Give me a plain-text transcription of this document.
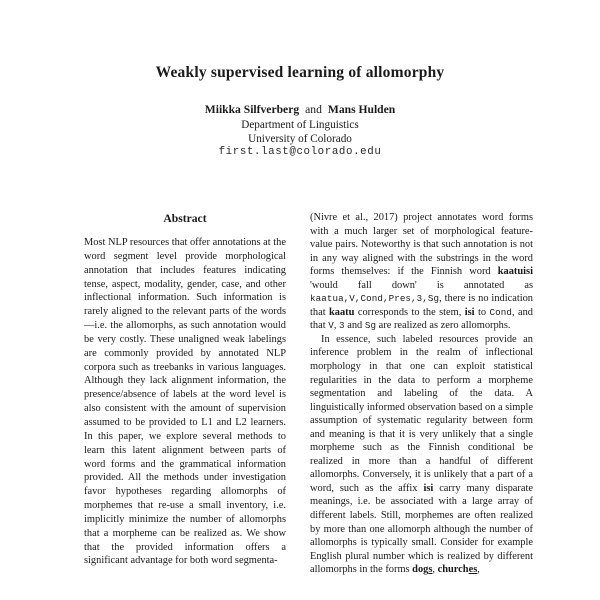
Weakly supervised learning of allomorphy
Miikka Silfverberg and Mans Hulden
Department of Linguistics
University of Colorado
first.last@colorado.edu
Abstract

Most NLP resources that offer annotations at the word segment level provide morphological annotation that includes features indicating tense, aspect, modality, gender, case, and other inflectional information. Such information is rarely aligned to the relevant parts of the words—i.e. the allomorphs, as such annotation would be very costly. These unaligned weak labelings are commonly provided by annotated NLP corpora such as treebanks in various languages. Although they lack alignment information, the presence/absence of labels at the word level is also consistent with the amount of supervision assumed to be provided to L1 and L2 learners. In this paper, we explore several methods to learn this latent alignment between parts of word forms and the grammatical information provided. All the methods under investigation favor hypotheses regarding allomorphs of morphemes that re-use a small inventory, i.e. implicitly minimize the number of allomorphs that a morpheme can be realized as. We show that the provided information offers a significant advantage for both word segmenta-

(Nivre et al., 2017) project annotates word forms with a much larger set of morphological feature-value pairs. Noteworthy is that such annotation is not in any way aligned with the substrings in the word forms themselves: if the Finnish word kaatuisi 'would fall down' is annotated as kaatua,V,Cond,Pres,3,Sg, there is no indication that kaatu corresponds to the stem, isi to Cond, and that V, 3 and Sg are realized as zero allomorphs.

In essence, such labeled resources provide an inference problem in the realm of inflectional morphology in that one can exploit statistical regularities in the data to perform a morpheme segmentation and labeling of the data. A linguistically informed observation based on a simple assumption of systematic regularity between form and meaning is that it is very unlikely that a single morpheme such as the Finnish conditional be realized in more than a handful of different allomorphs. Conversely, it is unlikely that a part of a word, such as the affix isi carry many disparate meanings, i.e. be associated with a large array of different labels. Still, morphemes are often realized by more than one allomorph although the number of allomorphs is typically small. Consider for example English plural number which is realized by different allomorphs in the forms dogs, churches,
